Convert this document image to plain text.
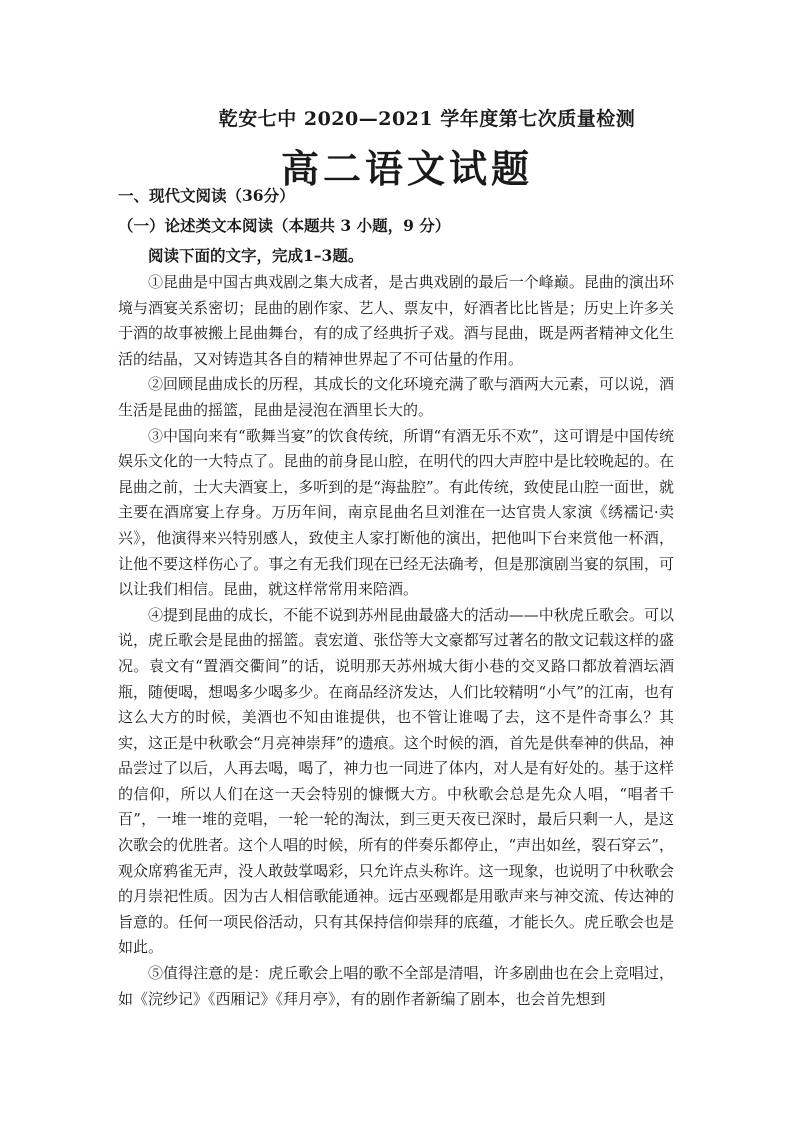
乾安七中 2020—2021 学年度第七次质量检测
高二语文试题
一、现代文阅读（36分）
（一）论述类文本阅读（本题共 3 小题，9 分）
阅读下面的文字，完成1–3题。

①昆曲是中国古典戏剧之集大成者，是古典戏剧的最后一个峰巅。昆曲的演出环境与酒宴关系密切；昆曲的剧作家、艺人、票友中，好酒者比比皆是；历史上许多关于酒的故事被搬上昆曲舞台，有的成了经典折子戏。酒与昆曲，既是两者精神文化生活的结晶，又对铸造其各自的精神世界起了不可估量的作用。

②回顾昆曲成长的历程，其成长的文化环境充满了歌与酒两大元素，可以说，酒生活是昆曲的摇篮，昆曲是浸泡在酒里长大的。

③中国向来有“歌舞当宴”的饮食传统，所谓“有酒无乐不欢”，这可谓是中国传统娱乐文化的一大特点了。昆曲的前身昆山腔，在明代的四大声腔中是比较晚起的。在昆曲之前，士大夫酒宴上，多听到的是“海盐腔”。有此传统，致使昆山腔一面世，就主要在酒席宴上存身。万历年间，南京昆曲名旦刘淮在一达官贵人家演《绣襦记·卖兴》，他演得来兴特别感人，致使主人家打断他的演出，把他叫下台来赏他一杯酒，让他不要这样伤心了。事之有无我们现在已经无法确考，但是那演剧当宴的氛围，可以让我们相信。昆曲，就这样常常用来陪酒。

④提到昆曲的成长，不能不说到苏州昆曲最盛大的活动——中秋虎丘歌会。可以说，虎丘歌会是昆曲的摇篮。袁宏道、张岱等大文豪都写过著名的散文记载这样的盛况。袁文有“置酒交衢间”的话，说明那天苏州城大街小巷的交叉路口都放着酒坛酒瓶，随便喝，想喝多少喝多少。在商品经济发达，人们比较精明“小气”的江南，也有这么大方的时候，美酒也不知由谁提供，也不管让谁喝了去，这不是件奇事么？其实，这正是中秋歌会“月亮神崇拜”的遗痕。这个时候的酒，首先是供奉神的供品，神品尝过了以后，人再去喝，喝了，神力也一同进了体内，对人是有好处的。基于这样的信仰，所以人们在这一天会特别的慷慨大方。中秋歌会总是先众人唱，“唱者千百”，一堆一堆的竞唱，一轮一轮的淘汰，到三更天夜已深时，最后只剩一人，是这次歌会的优胜者。这个人唱的时候，所有的伴奏乐都停止，“声出如丝，裂石穿云”，观众席鸦雀无声，没人敢鼓掌喝彩，只允许点头称许。这一现象，也说明了中秋歌会的月崇祀性质。因为古人相信歌能通神。远古巫觋都是用歌声来与神交流、传达神的旨意的。任何一项民俗活动，只有其保持信仰崇拜的底蕴，才能长久。虎丘歌会也是如此。

⑤值得注意的是：虎丘歌会上唱的歌不全部是清唱，许多剧曲也在会上竞唱过，如《浣纱记》《西厢记》《拜月亭》，有的剧作者新编了剧本，也会首先想到
